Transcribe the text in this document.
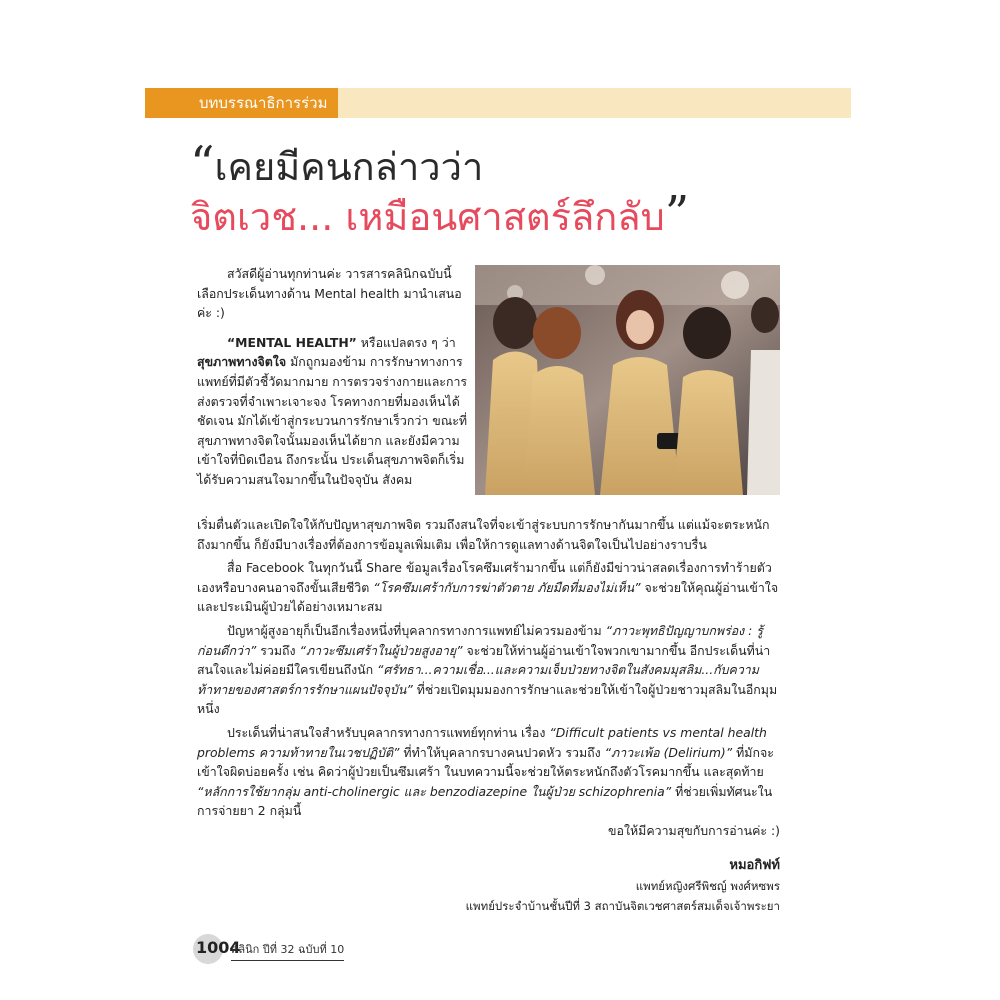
บทบรรณาธิการร่วม
“เคยมีคนกล่าวว่า
จิตเวช... เหมือนศาสตร์ลึกลับ”

สวัสดีผู้อ่านทุกท่านค่ะ วารสารคลินิกฉบับนี้เลือกประเด็นทางด้าน Mental health มานำเสนอค่ะ :)

“MENTAL HEALTH” หรือแปลตรง ๆ ว่า สุขภาพทางจิตใจ มักถูกมองข้าม การรักษาทางการแพทย์ที่มีตัวชี้วัดมากมาย การตรวจร่างกายและการส่งตรวจที่จำเพาะเจาะจง โรคทางกายที่มองเห็นได้ชัดเจน มักได้เข้าสู่กระบวนการรักษาเร็วกว่า ขณะที่สุขภาพทางจิตใจนั้นมองเห็นได้ยาก และยังมีความเข้าใจที่บิดเบือน ถึงกระนั้น ประเด็นสุขภาพจิตก็เริ่มได้รับความสนใจมากขึ้นในปัจจุบัน สังคม

เริ่มตื่นตัวและเปิดใจให้กับปัญหาสุขภาพจิต รวมถึงสนใจที่จะเข้าสู่ระบบการรักษากันมากขึ้น แต่แม้จะตระหนักถึงมากขึ้น ก็ยังมีบางเรื่องที่ต้องการข้อมูลเพิ่มเติม เพื่อให้การดูแลทางด้านจิตใจเป็นไปอย่างราบรื่น

สื่อ Facebook ในทุกวันนี้ Share ข้อมูลเรื่องโรคซึมเศร้ามากขึ้น แต่ก็ยังมีข่าวน่าสลดเรื่องการทำร้ายตัวเองหรือบางคนอาจถึงขั้นเสียชีวิต “โรคซึมเศร้ากับการฆ่าตัวตาย ภัยมืดที่มองไม่เห็น” จะช่วยให้คุณผู้อ่านเข้าใจและประเมินผู้ป่วยได้อย่างเหมาะสม

ปัญหาผู้สูงอายุก็เป็นอีกเรื่องหนึ่งที่บุคลากรทางการแพทย์ไม่ควรมองข้าม “ภาวะพุทธิปัญญาบกพร่อง : รู้ก่อนดีกว่า” รวมถึง “ภาวะซึมเศร้าในผู้ป่วยสูงอายุ” จะช่วยให้ท่านผู้อ่านเข้าใจพวกเขามากขึ้น อีกประเด็นที่น่าสนใจและไม่ค่อยมีใครเขียนถึงนัก “ศรัทธา...ความเชื่อ...และความเจ็บป่วยทางจิตในสังคมมุสลิม...กับความท้าทายของศาสตร์การรักษาแผนปัจจุบัน” ที่ช่วยเปิดมุมมองการรักษาและช่วยให้เข้าใจผู้ป่วยชาวมุสลิมในอีกมุมหนึ่ง

ประเด็นที่น่าสนใจสำหรับบุคลากรทางการแพทย์ทุกท่าน เรื่อง “Difficult patients vs mental health problems ความท้าทายในเวชปฏิบัติ” ที่ทำให้บุคลากรบางคนปวดหัว รวมถึง “ภาวะเพ้อ (Delirium)” ที่มักจะเข้าใจผิดบ่อยครั้ง เช่น คิดว่าผู้ป่วยเป็นซึมเศร้า ในบทความนี้จะช่วยให้ตระหนักถึงตัวโรคมากขึ้น และสุดท้าย “หลักการใช้ยากลุ่ม anti-cholinergic และ benzodiazepine ในผู้ป่วย schizophrenia” ที่ช่วยเพิ่มทัศนะในการจ่ายยา 2 กลุ่มนี้

ขอให้มีความสุขกับการอ่านค่ะ :)
หมอกิฟท์
แพทย์หญิงศรีพิชญ์ พงศ์หซพร
แพทย์ประจำบ้านชั้นปีที่ 3 สถาบันจิตเวชศาสตร์สมเด็จเจ้าพระยา
1004
คลินิก ปีที่ 32 ฉบับที่ 10
